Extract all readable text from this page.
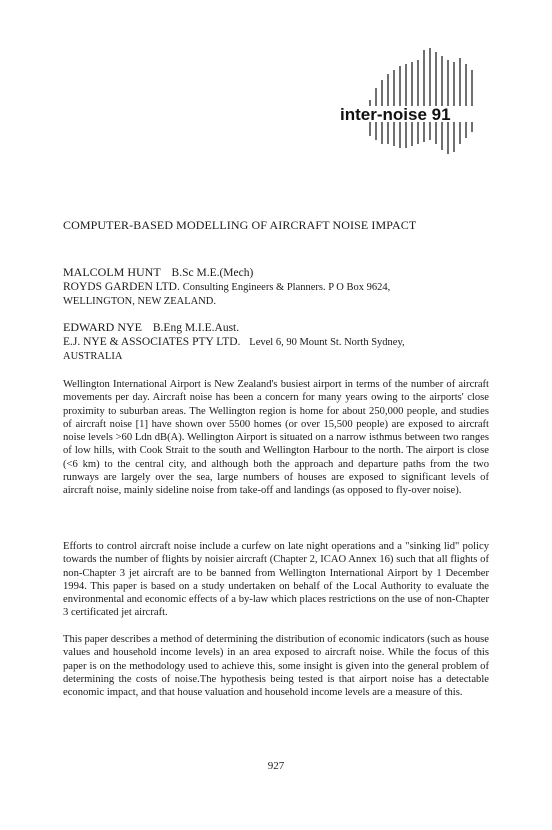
inter-noise 91
COMPUTER-BASED MODELLING OF AIRCRAFT NOISE IMPACT
MALCOLM HUNT B.Sc M.E.(Mech)
ROYDS GARDEN LTD. Consulting Engineers & Planners. P O Box 9624,
WELLINGTON, NEW ZEALAND.
EDWARD NYE B.Eng M.I.E.Aust.
E.J. NYE & ASSOCIATES PTY LTD. Level 6, 90 Mount St. North Sydney,
AUSTRALIA

Wellington International Airport is New Zealand's busiest airport in terms of the number of aircraft movements per day. Aircraft noise has been a concern for many years owing to the airports' close proximity to suburban areas. The Wellington region is home for about 250,000 people, and studies of aircraft noise [1] have shown over 5500 homes (or over 15,500 people) are exposed to aircraft noise levels >60 Ldn dB(A). Wellington Airport is situated on a narrow isthmus between two ranges of low hills, with Cook Strait to the south and Wellington Harbour to the north. The airport is close (<6 km) to the central city, and although both the approach and departure paths from the two runways are largely over the sea, large numbers of houses are exposed to significant levels of aircraft noise, mainly sideline noise from take-off and landings (as opposed to fly-over noise).

Efforts to control aircraft noise include a curfew on late night operations and a "sinking lid" policy towards the number of flights by noisier aircraft (Chapter 2, ICAO Annex 16) such that all flights of non-Chapter 3 jet aircraft are to be banned from Wellington International Airport by 1 December 1994. This paper is based on a study undertaken on behalf of the Local Authority to evaluate the environmental and economic effects of a by-law which places restrictions on the use of non-Chapter 3 certificated jet aircraft.

This paper describes a method of determining the distribution of economic indicators (such as house values and household income levels) in an area exposed to aircraft noise. While the focus of this paper is on the methodology used to achieve this, some insight is given into the general problem of determining the costs of noise.The hypothesis being tested is that airport noise has a detectable economic impact, and that house valuation and household income levels are a measure of this.

927
